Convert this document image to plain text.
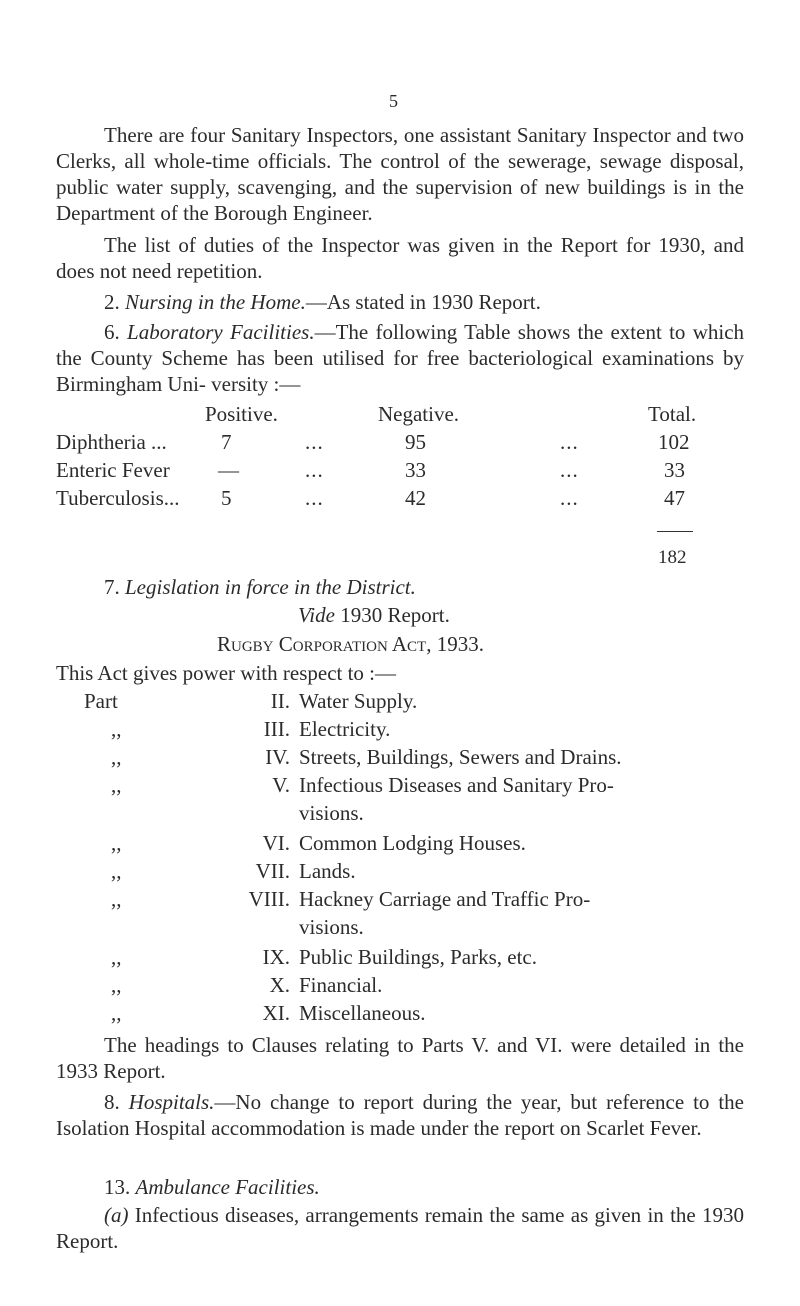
5

There are four Sanitary Inspectors, one assistant Sanitary Inspector and two Clerks, all whole-time officials. The control of the sewerage, sewage disposal, public water supply, scavenging, and the supervision of new buildings is in the Department of the Borough Engineer.

The list of duties of the Inspector was given in the Report for 1930, and does not need repetition.

2. Nursing in the Home.—As stated in 1930 Report.

6. Laboratory Facilities.—The following Table shows the extent to which the County Scheme has been utilised for free bacteriological examinations by Birmingham Uni- versity :—

Positive.	Negative.	Total.
Diphtheria ...	7	...	95	...	102
Enteric Fever —	...	33	...	33
Tuberculosis... 5	...	42	...	47
182
7. Legislation in force in the District.
Vide 1930 Report.
Rugby Corporation Act, 1933.
This Act gives power with respect to :—
Part	II. Water Supply.
,,	III. Electricity.
,,	IV. Streets, Buildings, Sewers and Drains.
,,	V. Infectious Diseases and Sanitary Pro-
visions.
,,	VI. Common Lodging Houses.
,,	VII. Lands.
,,	VIII. Hackney Carriage and Traffic Pro-
visions.
,,	IX. Public Buildings, Parks, etc.
,,	X. Financial.
,,	XI. Miscellaneous.

The headings to Clauses relating to Parts V. and VI. were detailed in the 1933 Report.

8. Hospitals.—No change to report during the year, but reference to the Isolation Hospital accommodation is made under the report on Scarlet Fever.

13. Ambulance Facilities.

(a) Infectious diseases, arrangements remain the same as given in the 1930 Report.
